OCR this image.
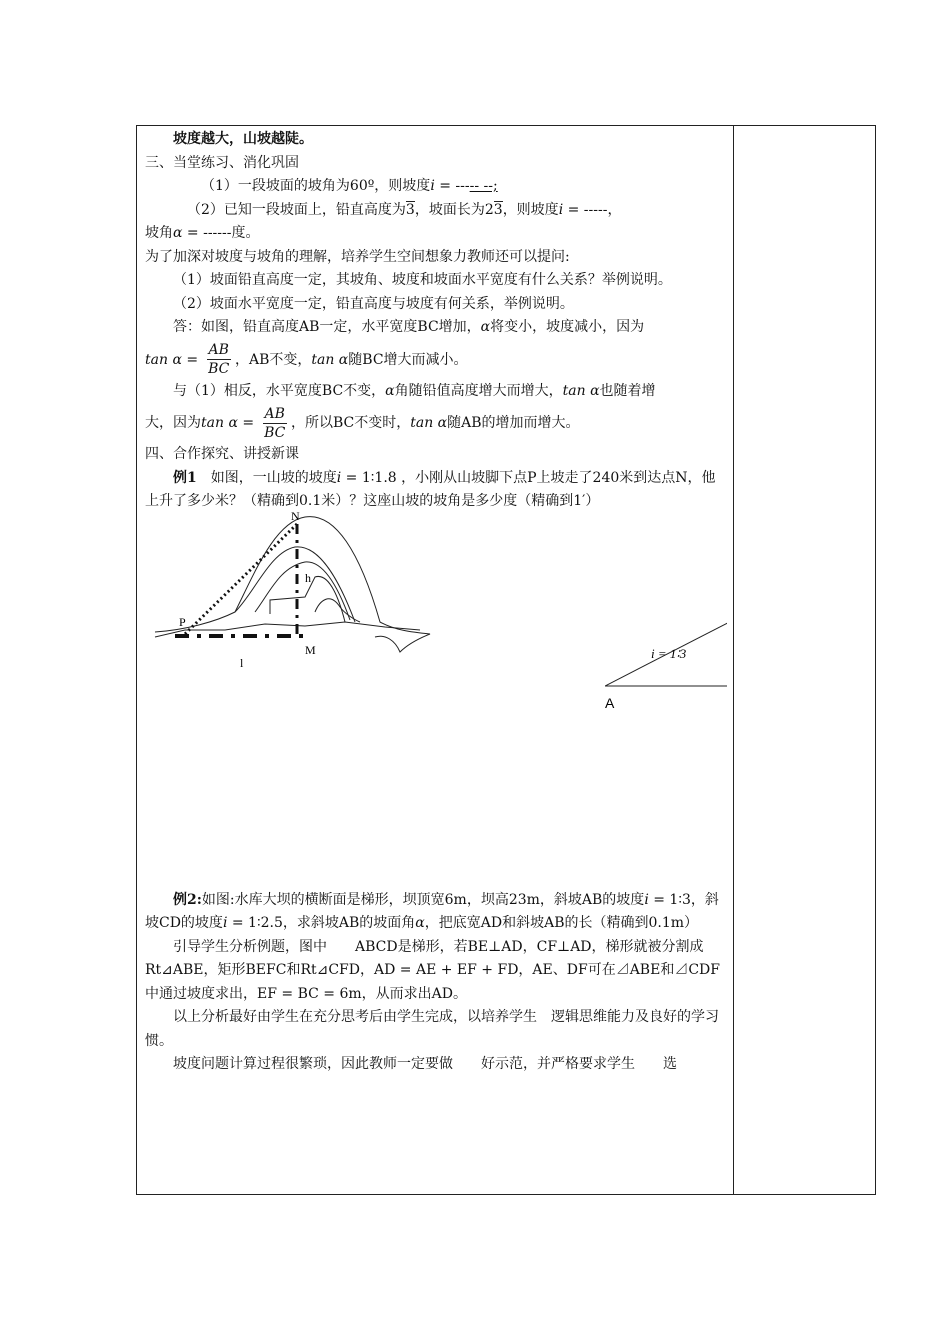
坡度越大，山坡越陡。

三、当堂练习、消化巩固

（1）一段坡面的坡角为60º，则坡度i = ----- --;

（2）已知一段坡面上，铅直高度为3，坡面长为23，则坡度i = -----，

坡角α = ------度。

为了加深对坡度与坡角的理解，培养学生空间想象力教师还可以提问:

（1）坡面铅直高度一定，其坡角、坡度和坡面水平宽度有什么关系？举例说明。

（2）坡面水平宽度一定，铅直高度与坡度有何关系，举例说明。

答：如图，铅直高度AB一定，水平宽度BC增加，α将变小，坡度减小，因为

$\tan \alpha = \frac{AB}{BC}$ ，AB不变，tan α随BC增大而减小。

与（1）相反，水平宽度BC不变，α角随铅值高度增大而增大，tan α也随着增

大，因为$\tan \alpha = \frac{AB}{BC}$ ，所以BC不变时，tan α随AB的增加而增大。

四、合作探究、讲授新课

例1　如图，一山坡的坡度i = 1∶1.8 ，小刚从山坡脚下点P上坡走了240米到达点N，他上升了多少米？（精确到0.1米）？这座山坡的坡角是多少度（精确到1′）

N
h
P
M
l
i = 1∶3
A

例2:如图:水库大坝的横断面是梯形，坝顶宽6m，坝高23m，斜坡AB的坡度i = 1∶3，斜坡CD的坡度i = 1∶2.5，求斜坡AB的坡面角α，把底宽AD和斜坡AB的长（精确到0.1m）

引导学生分析例题，图中　　ABCD是梯形，若BE⊥AD，CF⊥AD，梯形就被分割成Rt⊿ABE，矩形BEFC和Rt⊿CFD，AD = AE + EF + FD，AE、DF可在⊿ABE和⊿CDF中通过坡度求出，EF = BC = 6m，从而求出AD。

以上分析最好由学生在充分思考后由学生完成，以培养学生　逻辑思维能力及良好的学习惯。

坡度问题计算过程很繁琐，因此教师一定要做　　好示范，并严格要求学生　　选
